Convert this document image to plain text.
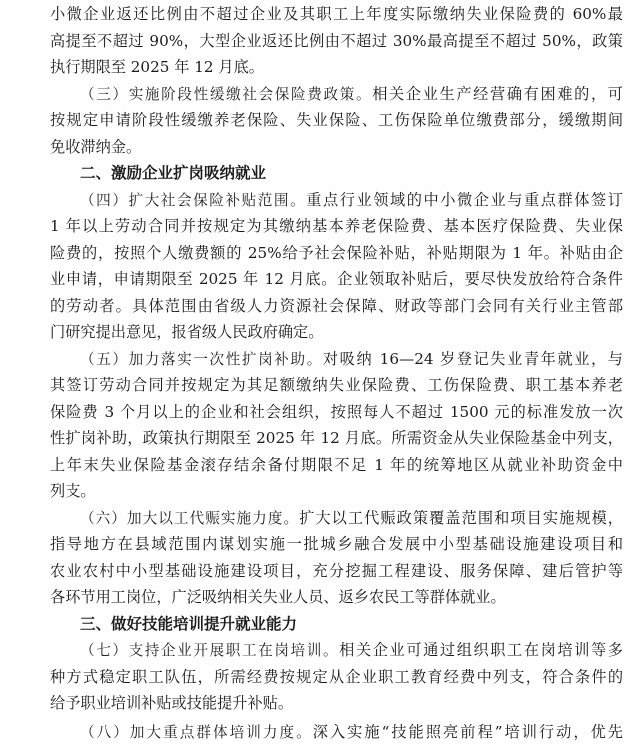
小微企业返还比例由不超过企业及其职工上年度实际缴纳失业保险费的 60%最
高提至不超过 90%，大型企业返还比例由不超过 30%最高提至不超过 50%，政策
执行期限至 2025 年 12 月底。
（三）实施阶段性缓缴社会保险费政策。相关企业生产经营确有困难的，可
按规定申请阶段性缓缴养老保险、失业保险、工伤保险单位缴费部分，缓缴期间
免收滞纳金。
二、激励企业扩岗吸纳就业
（四）扩大社会保险补贴范围。重点行业领域的中小微企业与重点群体签订
1 年以上劳动合同并按规定为其缴纳基本养老保险费、基本医疗保险费、失业保
险费的，按照个人缴费额的 25%给予社会保险补贴，补贴期限为 1 年。补贴由企
业申请，申请期限至 2025 年 12 月底。企业领取补贴后，要尽快发放给符合条件
的劳动者。具体范围由省级人力资源社会保障、财政等部门会同有关行业主管部
门研究提出意见，报省级人民政府确定。
（五）加力落实一次性扩岗补助。对吸纳 16—24 岁登记失业青年就业，与
其签订劳动合同并按规定为其足额缴纳失业保险费、工伤保险费、职工基本养老
保险费 3 个月以上的企业和社会组织，按照每人不超过 1500 元的标准发放一次
性扩岗补助，政策执行期限至 2025 年 12 月底。所需资金从失业保险基金中列支，
上年末失业保险基金滚存结余备付期限不足 1 年的统筹地区从就业补助资金中
列支。
（六）加大以工代赈实施力度。扩大以工代赈政策覆盖范围和项目实施规模，
指导地方在县域范围内谋划实施一批城乡融合发展中小型基础设施建设项目和
农业农村中小型基础设施建设项目，充分挖掘工程建设、服务保障、建后管护等
各环节用工岗位，广泛吸纳相关失业人员、返乡农民工等群体就业。
三、做好技能培训提升就业能力
（七）支持企业开展职工在岗培训。相关企业可通过组织职工在岗培训等多
种方式稳定职工队伍，所需经费按规定从企业职工教育经费中列支，符合条件的
给予职业培训补贴或技能提升补贴。
（八）加大重点群体培训力度。深入实施“技能照亮前程”培训行动，优先
